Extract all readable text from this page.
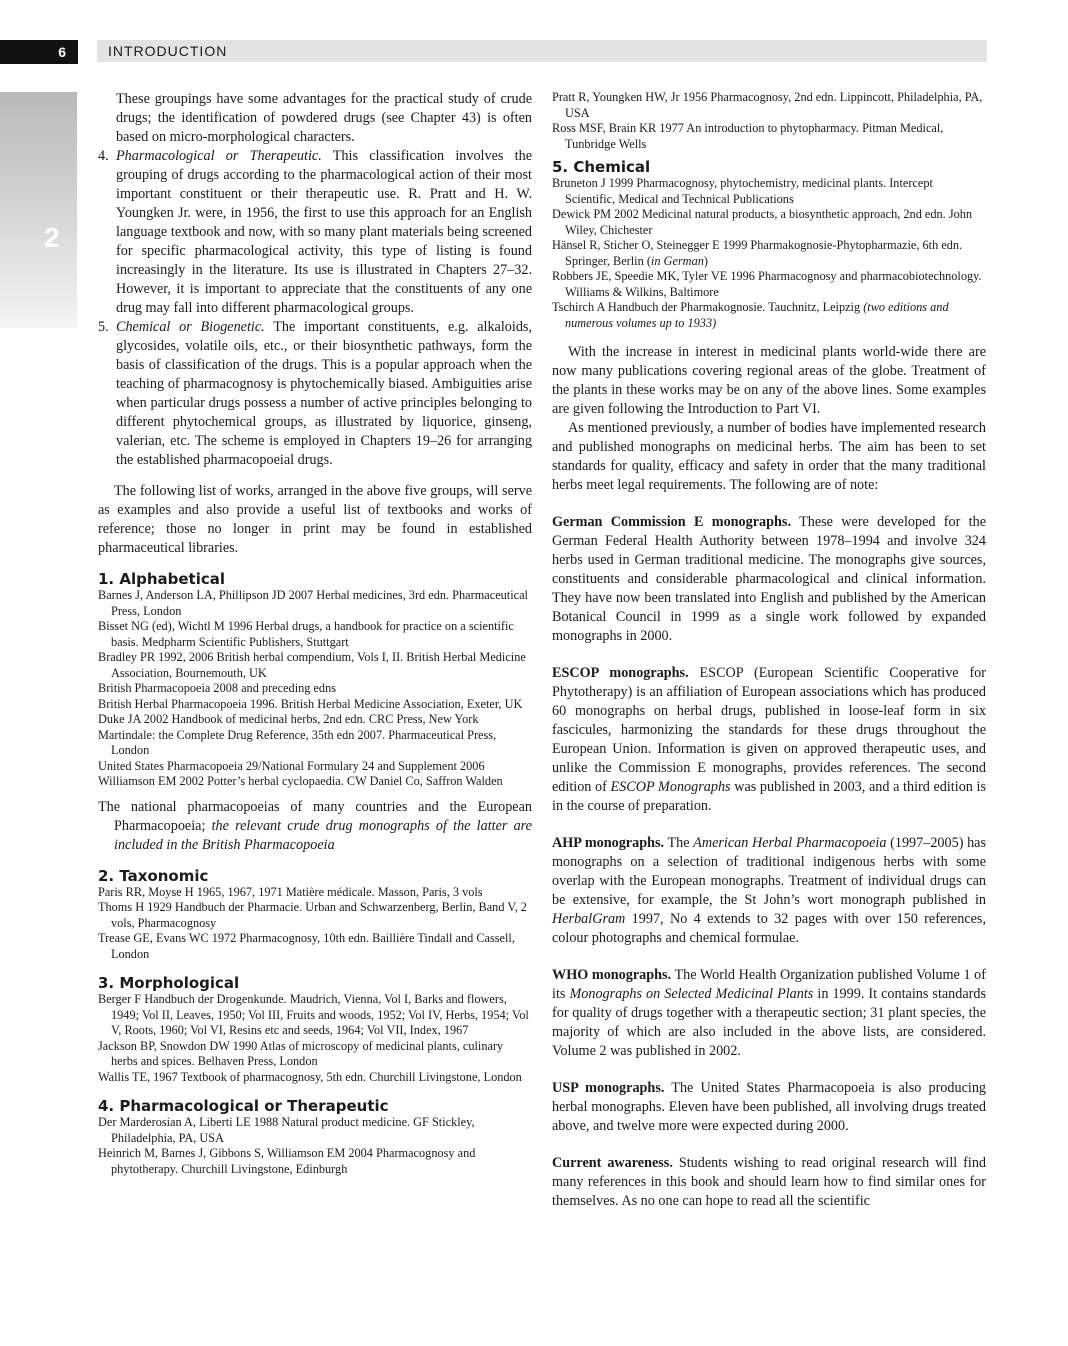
6	INTRODUCTION
2

These groupings have some advantages for the practical study of crude drugs; the identification of powdered drugs (see Chapter 43) is often based on micro-morphological characters.

4. Pharmacological or Therapeutic. This classification involves the grouping of drugs according to the pharmacological action of their most important constituent or their therapeutic use. R. Pratt and H. W. Youngken Jr. were, in 1956, the first to use this approach for an English language textbook and now, with so many plant materials being screened for specific pharmacological activity, this type of listing is found increasingly in the literature. Its use is illustrated in Chapters 27–32. However, it is important to appreciate that the constituents of any one drug may fall into different pharmacological groups.
5. Chemical or Biogenetic. The important constituents, e.g. alkaloids, glycosides, volatile oils, etc., or their biosynthetic pathways, form the basis of classification of the drugs. This is a popular approach when the teaching of pharmacognosy is phytochemically biased. Ambiguities arise when particular drugs possess a number of active principles belonging to different phytochemical groups, as illustrated by liquorice, ginseng, valerian, etc. The scheme is employed in Chapters 19–26 for arranging the established pharmacopoeial drugs.

The following list of works, arranged in the above five groups, will serve as examples and also provide a useful list of textbooks and works of reference; those no longer in print may be found in established pharmaceutical libraries.

1. Alphabetical
Barnes J, Anderson LA, Phillipson JD 2007 Herbal medicines, 3rd edn. Pharmaceutical Press, London
Bisset NG (ed), Wichtl M 1996 Herbal drugs, a handbook for practice on a scientific basis. Medpharm Scientific Publishers, Stuttgart
Bradley PR 1992, 2006 British herbal compendium, Vols I, II. British Herbal Medicine Association, Bournemouth, UK
British Pharmacopoeia 2008 and preceding edns
British Herbal Pharmacopoeia 1996. British Herbal Medicine Association, Exeter, UK
Duke JA 2002 Handbook of medicinal herbs, 2nd edn. CRC Press, New York
Martindale: the Complete Drug Reference, 35th edn 2007. Pharmaceutical Press, London
United States Pharmacopoeia 29/National Formulary 24 and Supplement 2006
Williamson EM 2002 Potter’s herbal cyclopaedia. CW Daniel Co, Saffron Walden

The national pharmacopoeias of many countries and the European Pharmacopoeia; the relevant crude drug monographs of the latter are included in the British Pharmacopoeia

2. Taxonomic
Paris RR, Moyse H 1965, 1967, 1971 Matière médicale. Masson, Paris, 3 vols
Thoms H 1929 Handbuch der Pharmacie. Urban and Schwarzenberg, Berlin, Band V, 2 vols, Pharmacognosy
Trease GE, Evans WC 1972 Pharmacognosy, 10th edn. Baillière Tindall and Cassell, London
3. Morphological
Berger F Handbuch der Drogenkunde. Maudrich, Vienna, Vol I, Barks and flowers, 1949; Vol II, Leaves, 1950; Vol III, Fruits and woods, 1952; Vol IV, Herbs, 1954; Vol V, Roots, 1960; Vol VI, Resins etc and seeds, 1964; Vol VII, Index, 1967
Jackson BP, Snowdon DW 1990 Atlas of microscopy of medicinal plants, culinary herbs and spices. Belhaven Press, London
Wallis TE, 1967 Textbook of pharmacognosy, 5th edn. Churchill Livingstone, London
4. Pharmacological or Therapeutic
Der Marderosian A, Liberti LE 1988 Natural product medicine. GF Stickley, Philadelphia, PA, USA
Heinrich M, Barnes J, Gibbons S, Williamson EM 2004 Pharmacognosy and phytotherapy. Churchill Livingstone, Edinburgh
Pratt R, Youngken HW, Jr 1956 Pharmacognosy, 2nd edn. Lippincott, Philadelphia, PA, USA
Ross MSF, Brain KR 1977 An introduction to phytopharmacy. Pitman Medical, Tunbridge Wells
5. Chemical
Bruneton J 1999 Pharmacognosy, phytochemistry, medicinal plants. Intercept Scientific, Medical and Technical Publications
Dewick PM 2002 Medicinal natural products, a biosynthetic approach, 2nd edn. John Wiley, Chichester
Hänsel R, Sticher O, Steinegger E 1999 Pharmakognosie-Phytopharmazie, 6th edn. Springer, Berlin (in German)
Robbers JE, Speedie MK, Tyler VE 1996 Pharmacognosy and pharmacobiotechnology. Williams & Wilkins, Baltimore
Tschirch A Handbuch der Pharmakognosie. Tauchnitz, Leipzig (two editions and numerous volumes up to 1933)

With the increase in interest in medicinal plants world-wide there are now many publications covering regional areas of the globe. Treatment of the plants in these works may be on any of the above lines. Some examples are given following the Introduction to Part VI.

As mentioned previously, a number of bodies have implemented research and published monographs on medicinal herbs. The aim has been to set standards for quality, efficacy and safety in order that the many traditional herbs meet legal requirements. The following are of note:

German Commission E monographs. These were developed for the German Federal Health Authority between 1978–1994 and involve 324 herbs used in German traditional medicine. The monographs give sources, constituents and considerable pharmacological and clinical information. They have now been translated into English and published by the American Botanical Council in 1999 as a single work followed by expanded monographs in 2000.

ESCOP monographs. ESCOP (European Scientific Cooperative for Phytotherapy) is an affiliation of European associations which has produced 60 monographs on herbal drugs, published in loose-leaf form in six fascicules, harmonizing the standards for these drugs throughout the European Union. Information is given on approved therapeutic uses, and unlike the Commission E monographs, provides references. The second edition of ESCOP Monographs was published in 2003, and a third edition is in the course of preparation.

AHP monographs. The American Herbal Pharmacopoeia (1997–2005) has monographs on a selection of traditional indigenous herbs with some overlap with the European monographs. Treatment of individual drugs can be extensive, for example, the St John’s wort monograph published in HerbalGram 1997, No 4 extends to 32 pages with over 150 references, colour photographs and chemical formulae.

WHO monographs. The World Health Organization published Volume 1 of its Monographs on Selected Medicinal Plants in 1999. It contains standards for quality of drugs together with a therapeutic section; 31 plant species, the majority of which are also included in the above lists, are considered. Volume 2 was published in 2002.

USP monographs. The United States Pharmacopoeia is also producing herbal monographs. Eleven have been published, all involving drugs treated above, and twelve more were expected during 2000.

Current awareness. Students wishing to read original research will find many references in this book and should learn how to find similar ones for themselves. As no one can hope to read all the scientific
